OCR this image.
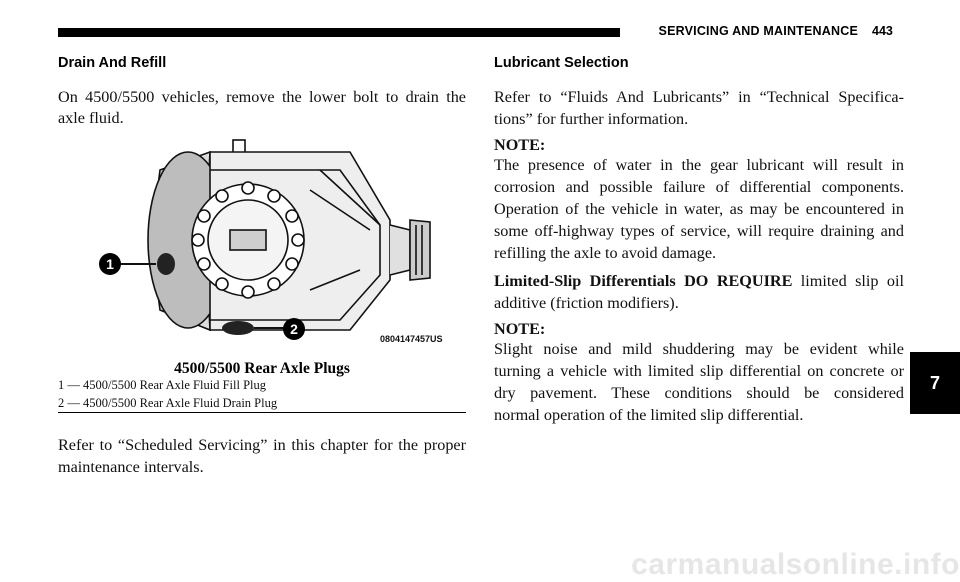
SERVICING AND MAINTENANCE 443
Drain And Refill
On 4500/5500 vehicles, remove the lower bolt to drain the
axle fluid.
1
2
0804147457US
4500/5500 Rear Axle Plugs
1 — 4500/5500 Rear Axle Fluid Fill Plug
2 — 4500/5500 Rear Axle Fluid Drain Plug
Refer to “Scheduled Servicing” in this chapter for the proper
maintenance intervals.
Lubricant Selection
Refer to “Fluids And Lubricants” in “Technical Specifica-
tions” for further information.
NOTE:
The presence of water in the gear lubricant will result in
corrosion and possible failure of differential components.
Operation of the vehicle in water, as may be encountered in
some off-highway types of service, will require draining and
refilling the axle to avoid damage.
Limited-Slip Differentials DO REQUIRE limited slip oil
additive (friction modifiers).
NOTE:
Slight noise and mild shuddering may be evident while
turning a vehicle with limited slip differential on concrete or
dry pavement. These conditions should be considered
normal operation of the limited slip differential.
7
carmanualsonline.info
